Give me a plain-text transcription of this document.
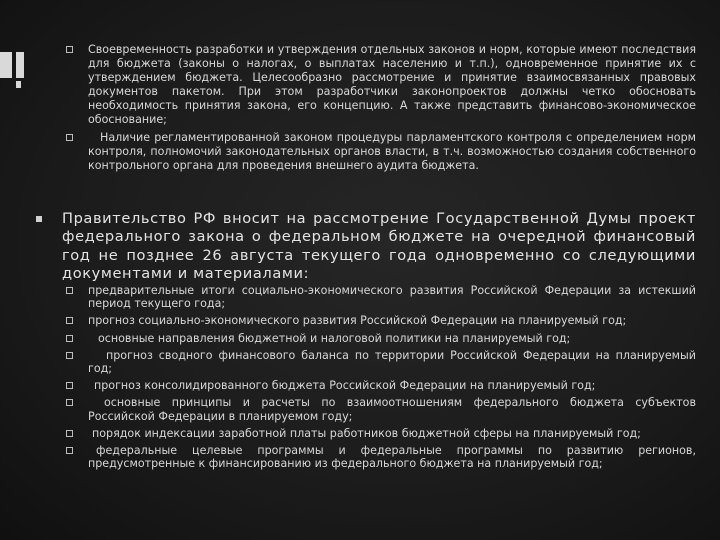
Своевременность разработки и утверждения отдельных законов и норм, которые имеют последствия для бюджета (законы о налогах, о выплатах населению и т.п.), одновременное принятие их с утверждением бюджета. Целесообразно рассмотрение и принятие взаимосвязанных правовых документов пакетом. При этом разработчики законопроектов должны четко обосновать необходимость принятия закона, его концепцию. А также представить финансово-экономическое обоснование;
Наличие регламентированной законом процедуры парламентского контроля с определением норм контроля, полномочий законодательных органов власти, в т.ч. возможностью создания собственного контрольного органа для проведения внешнего аудита бюджета.
Правительство РФ вносит на рассмотрение Государственной Думы проект федерального закона о федеральном бюджете на очередной финансовый год не позднее 26 августа текущего года одновременно со следующими документами и материалами:
предварительные итоги социально-экономического развития Российской Федерации за истекший период текущего года;
прогноз социально-экономического развития Российской Федерации на планируемый год;
основные направления бюджетной и налоговой политики на планируемый год;
прогноз сводного финансового баланса по территории Российской Федерации на планируемый год;
прогноз консолидированного бюджета Российской Федерации на планируемый год;
основные принципы и расчеты по взаимоотношениям федерального бюджета субъектов Российской Федерации в планируемом году;
порядок индексации заработной платы работников бюджетной сферы на планируемый год;
федеральные целевые программы и федеральные программы по развитию регионов, предусмотренные к финансированию из федерального бюджета на планируемый год;
